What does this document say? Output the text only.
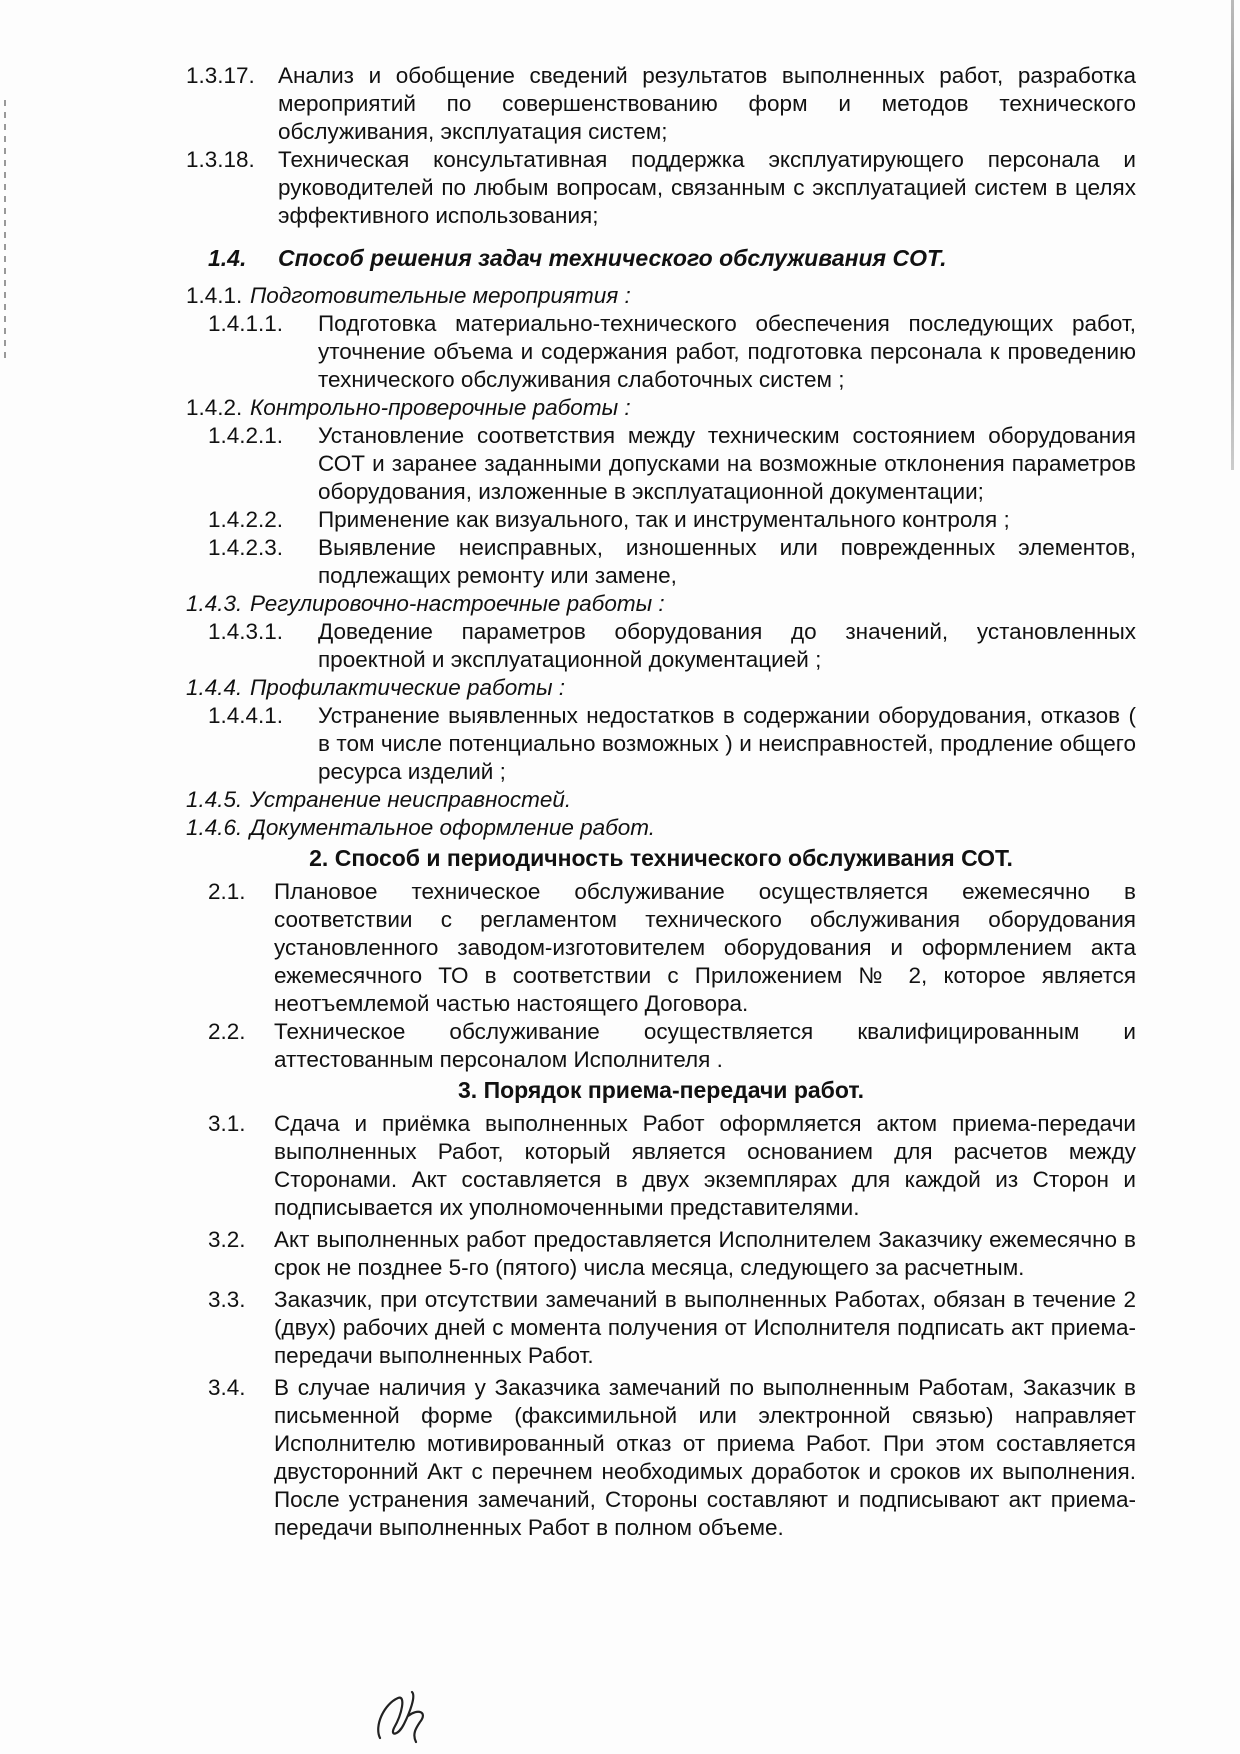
1.3.17.	Анализ и обобщение сведений результатов выполненных работ, разработка мероприятий по совершенствованию форм и методов технического обслуживания, эксплуатация систем;
1.3.18.	Техническая консультативная поддержка эксплуатирующего персонала и руководителей по любым вопросам, связанным с эксплуатацией систем в целях эффективного использования;
1.4. Способ решения задач технического обслуживания СОТ.
1.4.1. Подготовительные мероприятия :
1.4.1.1.	Подготовка материально-технического обеспечения последующих работ, уточнение объема и содержания работ, подготовка персонала к проведению технического обслуживания слаботочных систем ;
1.4.2. Контрольно-проверочные работы :
1.4.2.1.	Установление соответствия между техническим состоянием оборудования СОТ и заранее заданными допусками на возможные отклонения параметров оборудования, изложенные в эксплуатационной документации;
1.4.2.2.	Применение как визуального, так и инструментального контроля ;
1.4.2.3.	Выявление неисправных, изношенных или поврежденных элементов, подлежащих ремонту или замене,
1.4.3. Регулировочно-настроечные работы :
1.4.3.1.	Доведение параметров оборудования до значений, установленных проектной и эксплуатационной документацией ;
1.4.4. Профилактические работы :
1.4.4.1.	Устранение выявленных недостатков в содержании оборудования, отказов ( в том числе потенциально возможных ) и неисправностей, продление общего ресурса изделий ;
1.4.5. Устранение неисправностей.
1.4.6. Документальное оформление работ.
2. Способ и периодичность технического обслуживания СОТ.
2.1.	Плановое техническое обслуживание осуществляется ежемесячно в соответствии с регламентом технического обслуживания оборудования установленного заводом-изготовителем оборудования и оформлением акта ежемесячного ТО в соответствии с Приложением № 2, которое является неотъемлемой частью настоящего Договора.
2.2.	Техническое обслуживание осуществляется квалифицированным и аттестованным персоналом Исполнителя .
3. Порядок приема-передачи работ.
3.1.	Сдача и приёмка выполненных Работ оформляется актом приема-передачи выполненных Работ, который является основанием для расчетов между Сторонами. Акт составляется в двух экземплярах для каждой из Сторон и подписывается их уполномоченными представителями.
3.2.	Акт выполненных работ предоставляется Исполнителем Заказчику ежемесячно в срок не позднее 5-го (пятого) числа месяца, следующего за расчетным.
3.3.	Заказчик, при отсутствии замечаний в выполненных Работах, обязан в течение 2 (двух) рабочих дней с момента получения от Исполнителя подписать акт приема-передачи выполненных Работ.
3.4.	В случае наличия у Заказчика замечаний по выполненным Работам, Заказчик в письменной форме (факсимильной или электронной связью) направляет Исполнителю мотивированный отказ от приема Работ. При этом составляется двусторонний Акт с перечнем необходимых доработок и сроков их выполнения. После устранения замечаний, Стороны составляют и подписывают акт приема-передачи выполненных Работ в полном объеме.
